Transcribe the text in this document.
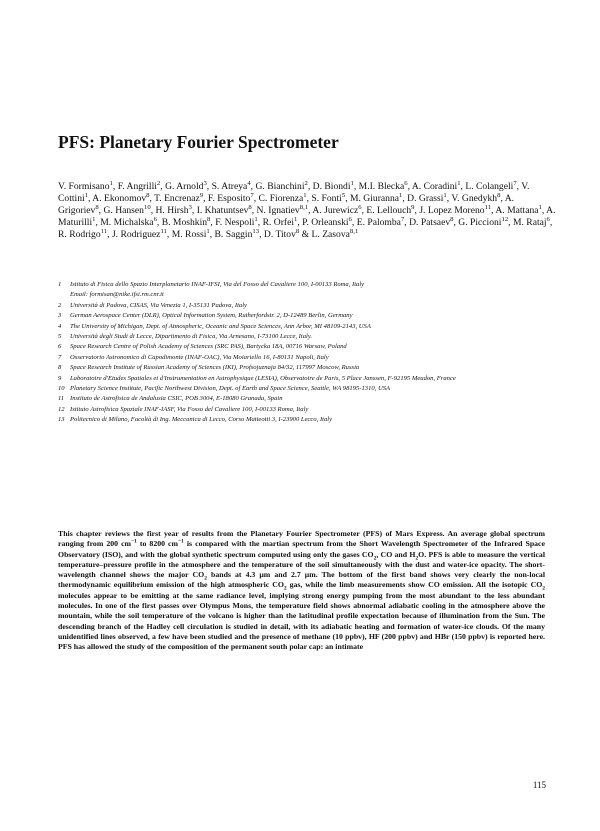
PFS: Planetary Fourier Spectrometer
V. Formisano$^1$, F. Angrilli$^2$, G. Arnold$^3$, S. Atreya$^4$, G. Bianchini$^2$, D. Biondi$^1$, M.I. Blecka$^6$, A. Coradini$^1$, L. Colangeli$^7$, V. Cottini$^1$, A. Ekonomov$^8$, T. Encrenaz$^9$, F. Esposito$^7$, C. Fiorenza$^1$, S. Fonti$^5$, M. Giuranna$^1$, D. Grassi$^1$, V. Gnedykh$^8$, A. Grigoriev$^8$, G. Hansen$^{10}$, H. Hirsh$^3$, I. Khatuntsev$^8$, N. Ignatiev$^{8,1}$, A. Jurewicz$^6$, E. Lellouch$^9$, J. Lopez Moreno$^{11}$, A. Mattana$^1$, A. Maturilli$^1$, M. Michalska$^6$, B. Moshkin$^8$, F. Nespoli$^1$, R. Orfei$^1$, P. Orleanski$^6$, E. Palomba$^7$, D. Patsaev$^8$, G. Piccioni$^{12}$, M. Rataj$^6$, R. Rodrigo$^{11}$, J. Rodriguez$^{11}$, M. Rossi$^1$, B. Saggin$^{13}$, D. Titov$^8$ & L. Zasova$^{8,1}$
1 Istituto di Fisica dello Spazio Interplanetario INAF-IFSI, Via del Fosso del Cavaliere 100, I-00133 Roma, Italy
Email: formisan@nike.ifsi.rm.cnr.it
2 Università di Padova, CISAS, Via Venezia 1, I-35131 Padova, Italy
3 German Aerospace Center (DLR), Optical Information System, Rutherfordstr. 2, D-12489 Berlin, Germany
4 The University of Michigan, Dept. of Atmospheric, Oceanic and Space Sciences, Ann Arbor, MI 48109-2143, USA
5 Università degli Studi di Lecce, Dipartimento di Fisica, Via Arnesano, I-73100 Lecce, Italy.
6 Space Research Centre of Polish Academy of Sciences (SRC PAS), Bartycka 18A, 00716 Warsaw, Poland
7 Osservatorio Astronomico di Capodimonte (INAF-OAC), Via Moiariello 16, I-80131 Napoli, Italy
8 Space Research Institute of Russian Academy of Sciences (IKI), Profsojuznaja 84/32, 117997 Moscow, Russia
9 Laboratoire d'Etudes Spatiales et d'Instrumentation en Astrophysique (LESIA), Observatoire de Paris, 5 Place Janssen, F-92195 Meudon, France
10 Planetary Science Institute, Pacific Northwest Division, Dept. of Earth and Space Science, Seattle, WA 98195-1310, USA
11 Instituto de Astrofisica de Andalusia CSIC, POB 3004, E-18080 Granada, Spain
12 Istituto Astrofisica Spaziale INAF-IASF, Via Fosso del Cavaliere 100, I-00133 Roma, Italy
13 Politecnico di Milano, Facoltà di Ing. Meccanica di Lecco, Corso Matteotti 3, I-23900 Lecco, Italy

This chapter reviews the first year of results from the Planetary Fourier Spectrometer (PFS) of Mars Express. An average global spectrum ranging from 200 $cm^{-1}$ to 8200 $cm^{-1}$ is compared with the martian spectrum from the Short Wavelength Spectrometer of the Infrared Space Observatory (ISO), and with the global synthetic spectrum computed using only the gases $CO_2$, CO and $H_2O$. PFS is able to measure the vertical temperature–pressure profile in the atmosphere and the temperature of the soil simultaneously with the dust and water-ice opacity. The short-wavelength channel shows the major $CO_2$ bands at 4.3 μm and 2.7 μm. The bottom of the first band shows very clearly the non-local thermodynamic equilibrium emission of the high atmospheric $CO_2$ gas, while the limb measurements show CO emission. All the isotopic $CO_2$ molecules appear to be emitting at the same radiance level, implying strong energy pumping from the most abundant to the less abundant molecules. In one of the first passes over Olympus Mons, the temperature field shows abnormal adiabatic cooling in the atmosphere above the mountain, while the soil temperature of the volcano is higher than the latitudinal profile expectation because of illumination from the Sun. The descending branch of the Hadley cell circulation is studied in detail, with its adiabatic heating and formation of water-ice clouds. Of the many unidentified lines observed, a few have been studied and the presence of methane (10 ppbv), HF (200 ppbv) and HBr (150 ppbv) is reported here. PFS has allowed the study of the composition of the permanent south polar cap: an intimate

115
